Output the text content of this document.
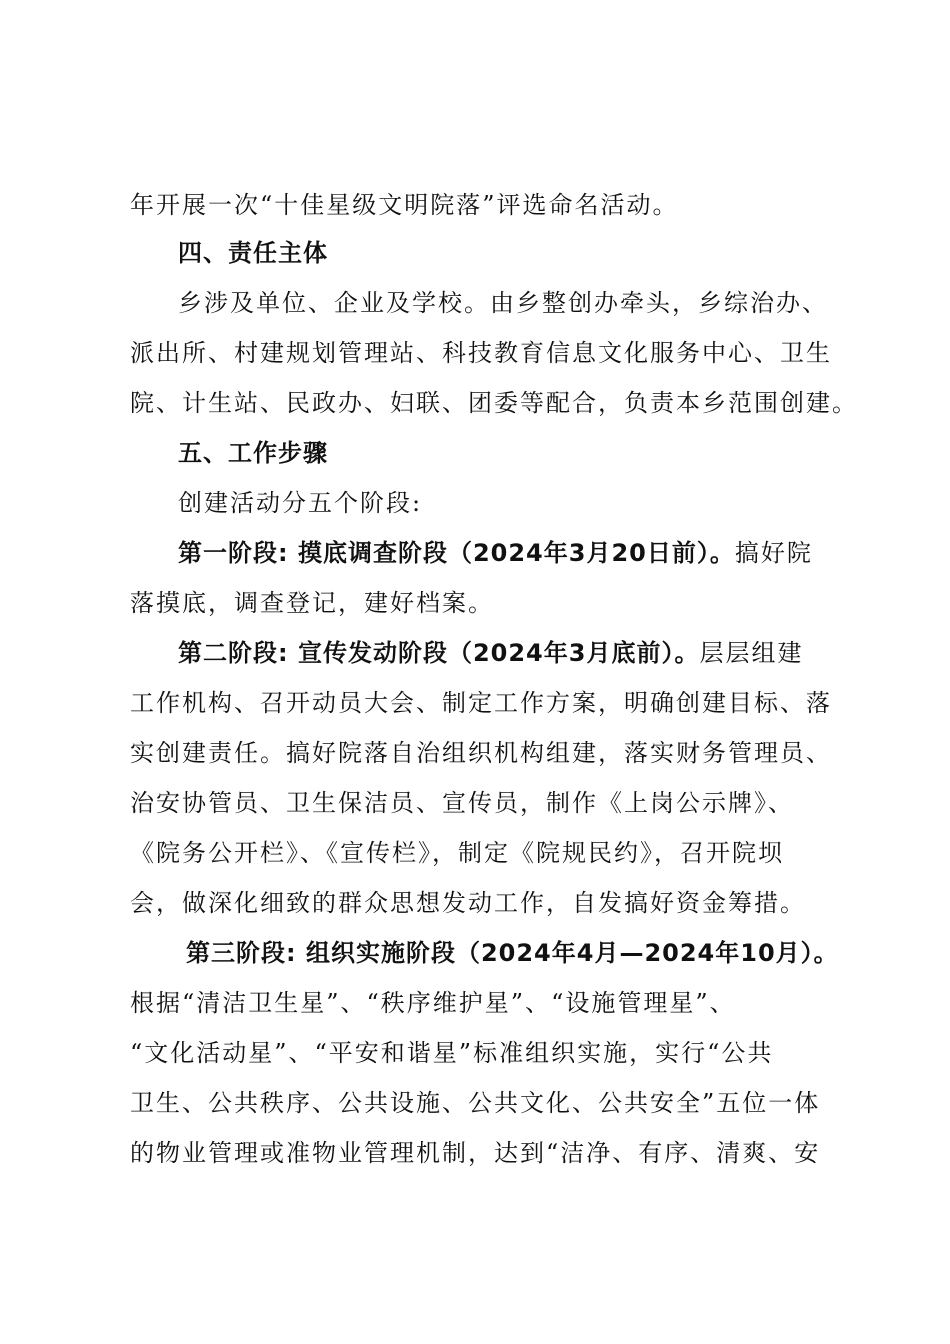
年开展一次“十佳星级文明院落”评选命名活动。
四、责任主体
乡涉及单位、企业及学校。由乡整创办牵头，乡综治办、
派出所、村建规划管理站、科技教育信息文化服务中心、卫生
院、计生站、民政办、妇联、团委等配合，负责本乡范围创建。
五、工作步骤
创建活动分五个阶段:
第一阶段: 摸底调查阶段（2024年3月20日前）。搞好院
落摸底，调查登记，建好档案。
第二阶段: 宣传发动阶段（2024年3月底前）。层层组建
工作机构、召开动员大会、制定工作方案，明确创建目标、落
实创建责任。搞好院落自治组织机构组建，落实财务管理员、
治安协管员、卫生保洁员、宣传员，制作《上岗公示牌》、
《院务公开栏》、《宣传栏》，制定《院规民约》，召开院坝
会，做深化细致的群众思想发动工作，自发搞好资金筹措。
第三阶段: 组织实施阶段（2024年4月—2024年10月）。
根据“清洁卫生星”、“秩序维护星”、“设施管理星”、
“文化活动星”、“平安和谐星”标准组织实施，实行“公共
卫生、公共秩序、公共设施、公共文化、公共安全”五位一体
的物业管理或准物业管理机制，达到“洁净、有序、清爽、安
